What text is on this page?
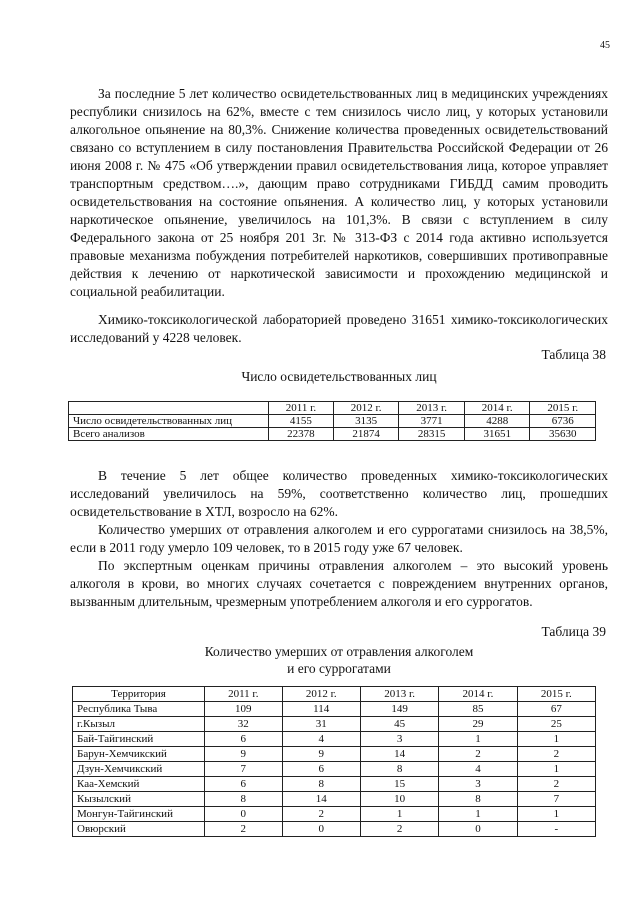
45

За последние 5 лет количество освидетельствованных лиц в медицинских учреждениях республики снизилось на 62%, вместе с тем снизилось число лиц, у которых установили алкогольное опьянение на 80,3%. Снижение количества проведенных освидетельствований связано со вступлением в силу постановления Правительства Российской Федерации от 26 июня 2008 г. № 475 «Об утверждении правил освидетельствования лица, которое управляет транспортным средством….», дающим право сотрудниками ГИБДД самим проводить освидетельствования на состояние опьянения. А количество лиц, у которых установили наркотическое опьянение, увеличилось на 101,3%. В связи с вступлением в силу Федерального закона от 25 ноября 201 3г. № 313-ФЗ с 2014 года активно используется правовые механизма побуждения потребителей наркотиков, совершивших противоправные действия к лечению от наркотической зависимости и прохождению медицинской и социальной реабилитации.

Химико-токсикологической лабораторией проведено 31651 химико-токсикологических исследований у 4228 человек.

Таблица 38
Число освидетельствованных лиц
	2011 г.	2012 г.	2013 г.	2014 г.	2015 г.
Число освидетельствованных лиц	4155	3135	3771	4288	6736
Всего анализов	22378	21874	28315	31651	35630

В течение 5 лет общее количество проведенных химико-токсикологических исследований увеличилось на 59%, соответственно количество лиц, прошедших освидетельствование в ХТЛ, возросло на 62%.

Количество умерших от отравления алкоголем и его суррогатами снизилось на 38,5%, если в 2011 году умерло 109 человек, то в 2015 году уже 67 человек.

По экспертным оценкам причины отравления алкоголем – это высокий уровень алкоголя в крови, во многих случаях сочетается с повреждением внутренних органов, вызванным длительным, чрезмерным употреблением алкоголя и его суррогатов.

Таблица 39
Количество умерших от отравления алкоголем
и его суррогатами
Территория	2011 г.	2012 г.	2013 г.	2014 г.	2015 г.
Республика Тыва	109	114	149	85	67
г.Кызыл	32	31	45	29	25
Бай-Тайгинский	6	4	3	1	1
Барун-Хемчикский	9	9	14	2	2
Дзун-Хемчикский	7	6	8	4	1
Каа-Хемский	6	8	15	3	2
Кызылский	8	14	10	8	7
Монгун-Тайгинский	0	2	1	1	1
Овюрский	2	0	2	0	-
